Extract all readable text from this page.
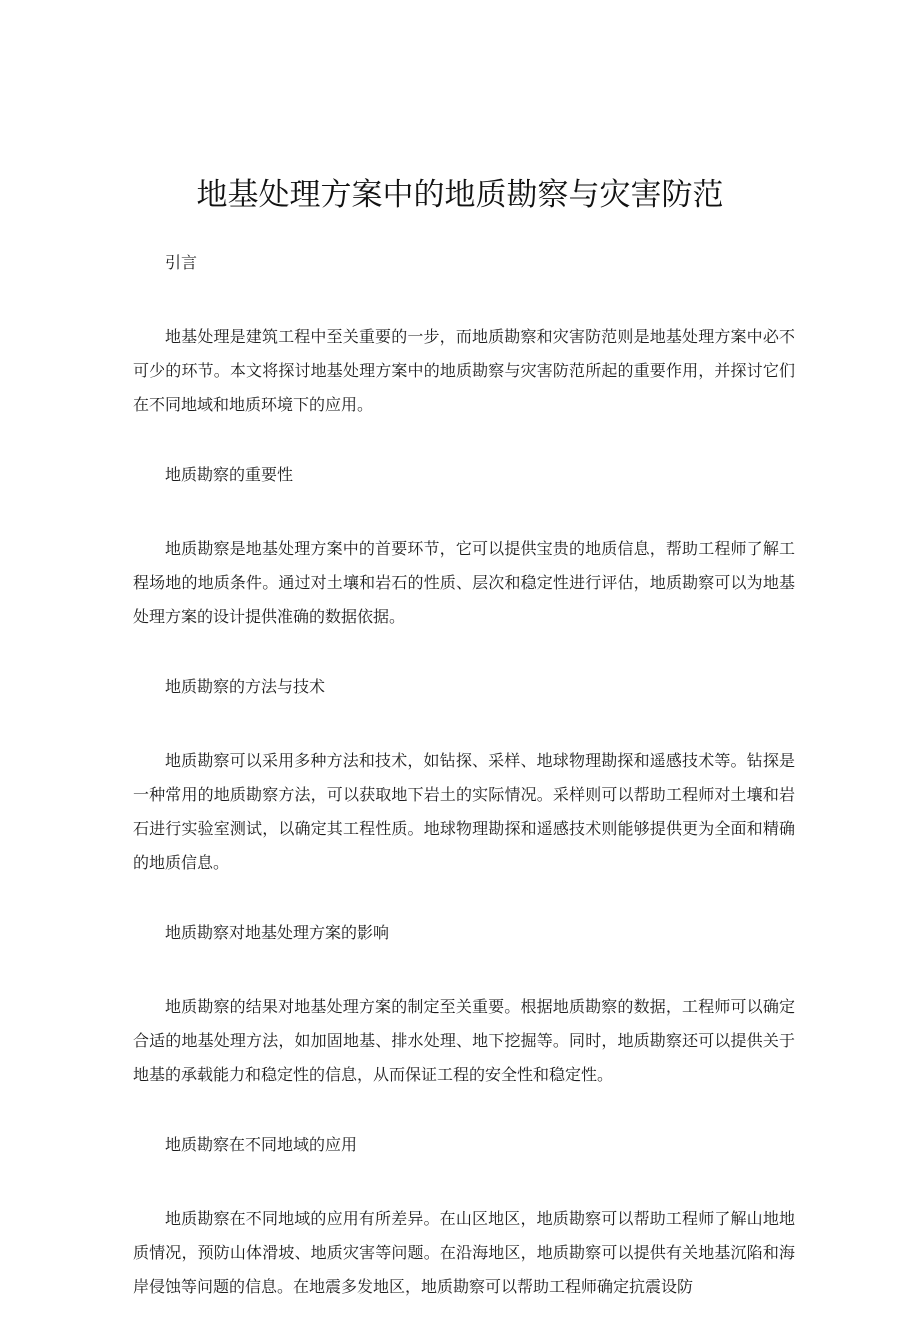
地基处理方案中的地质勘察与灾害防范

引言

地基处理是建筑工程中至关重要的一步，而地质勘察和灾害防范则是地基处理方案中必不可少的环节。本文将探讨地基处理方案中的地质勘察与灾害防范所起的重要作用，并探讨它们在不同地域和地质环境下的应用。

地质勘察的重要性

地质勘察是地基处理方案中的首要环节，它可以提供宝贵的地质信息，帮助工程师了解工程场地的地质条件。通过对土壤和岩石的性质、层次和稳定性进行评估，地质勘察可以为地基处理方案的设计提供准确的数据依据。

地质勘察的方法与技术

地质勘察可以采用多种方法和技术，如钻探、采样、地球物理勘探和遥感技术等。钻探是一种常用的地质勘察方法，可以获取地下岩土的实际情况。采样则可以帮助工程师对土壤和岩石进行实验室测试，以确定其工程性质。地球物理勘探和遥感技术则能够提供更为全面和精确的地质信息。

地质勘察对地基处理方案的影响

地质勘察的结果对地基处理方案的制定至关重要。根据地质勘察的数据，工程师可以确定合适的地基处理方法，如加固地基、排水处理、地下挖掘等。同时，地质勘察还可以提供关于地基的承载能力和稳定性的信息，从而保证工程的安全性和稳定性。

地质勘察在不同地域的应用

地质勘察在不同地域的应用有所差异。在山区地区，地质勘察可以帮助工程师了解山地地质情况，预防山体滑坡、地质灾害等问题。在沿海地区，地质勘察可以提供有关地基沉陷和海岸侵蚀等问题的信息。在地震多发地区，地质勘察可以帮助工程师确定抗震设防
